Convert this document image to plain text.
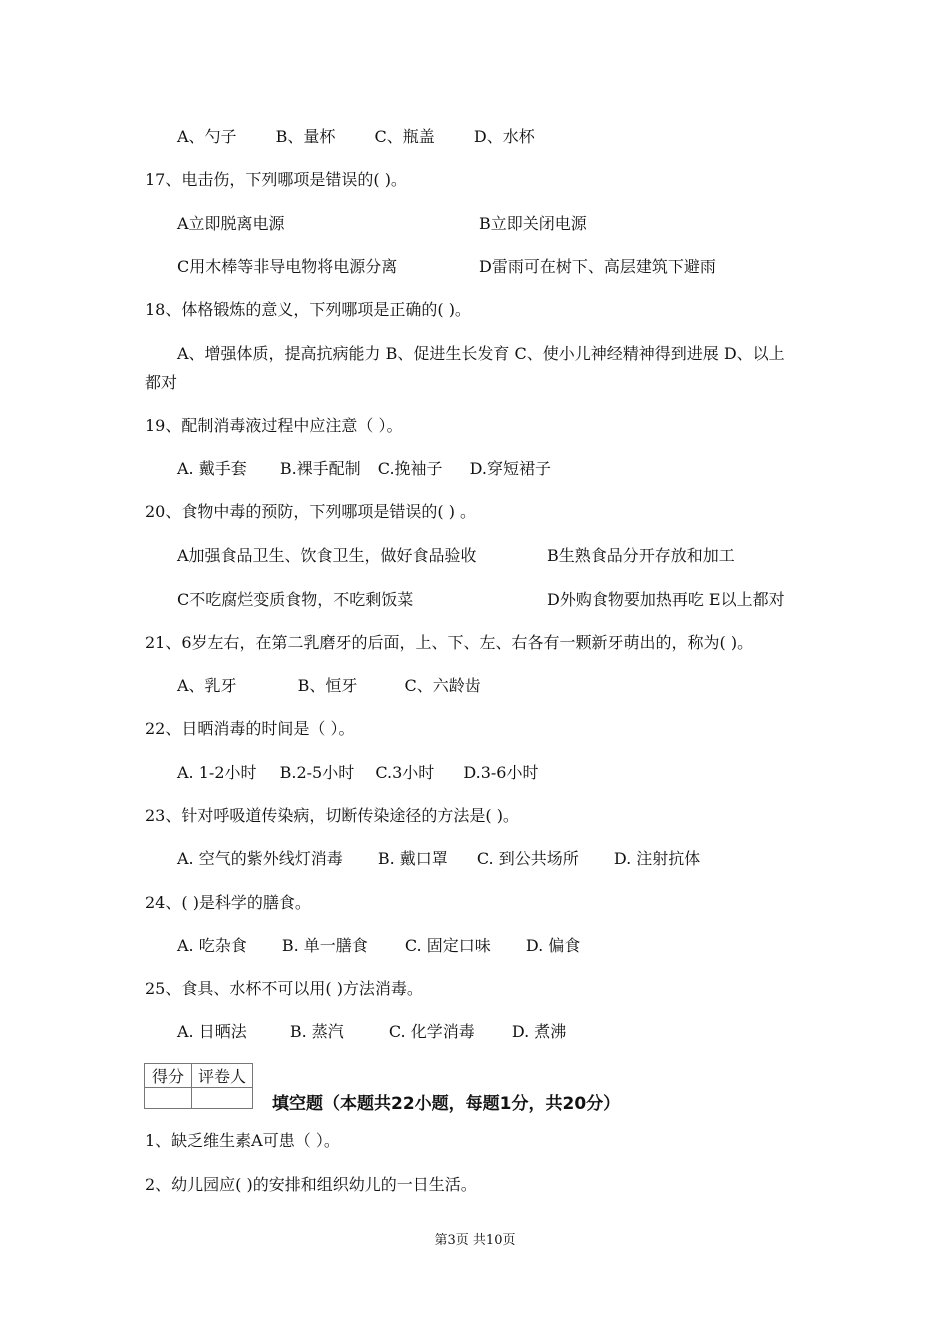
A、勺子 B、量杯 C、瓶盖 D、水杯
17、电击伤，下列哪项是错误的( )。
A立即脱离电源	B立即关闭电源
C用木棒等非导电物将电源分离	D雷雨可在树下、高层建筑下避雨
18、体格锻炼的意义，下列哪项是正确的( )。
A、增强体质，提高抗病能力 B、促进生长发育 C、使小儿神经精神得到进展 D、以上
都对
19、配制消毒液过程中应注意（ ）。
A. 戴手套 B.裸手配制 C.挽袖子 D.穿短裙子
20、食物中毒的预防，下列哪项是错误的( ) 。
A加强食品卫生、饮食卫生，做好食品验收	B生熟食品分开存放和加工
C不吃腐烂变质食物，不吃剩饭菜	D外购食物要加热再吃 E以上都对
21、6岁左右，在第二乳磨牙的后面，上、下、左、右各有一颗新牙萌出的，称为( )。
A、乳牙	B、恒牙	C、六龄齿
22、日晒消毒的时间是（ ）。
A. 1-2小时 B.2-5小时 C.3小时 D.3-6小时
23、针对呼吸道传染病，切断传染途径的方法是( )。
A. 空气的紫外线灯消毒 B. 戴口罩 C. 到公共场所 D. 注射抗体
24、( )是科学的膳食。
A. 吃杂食 B. 单一膳食 C. 固定口味 D. 偏食
25、食具、水杯不可以用( )方法消毒。
A. 日晒法	B. 蒸汽	C. 化学消毒 D. 煮沸
得分	评卷人

填空题（本题共22小题，每题1分，共20分）
1、缺乏维生素A可患（ ）。
2、幼儿园应( )的安排和组织幼儿的一日生活。
第3页 共10页
